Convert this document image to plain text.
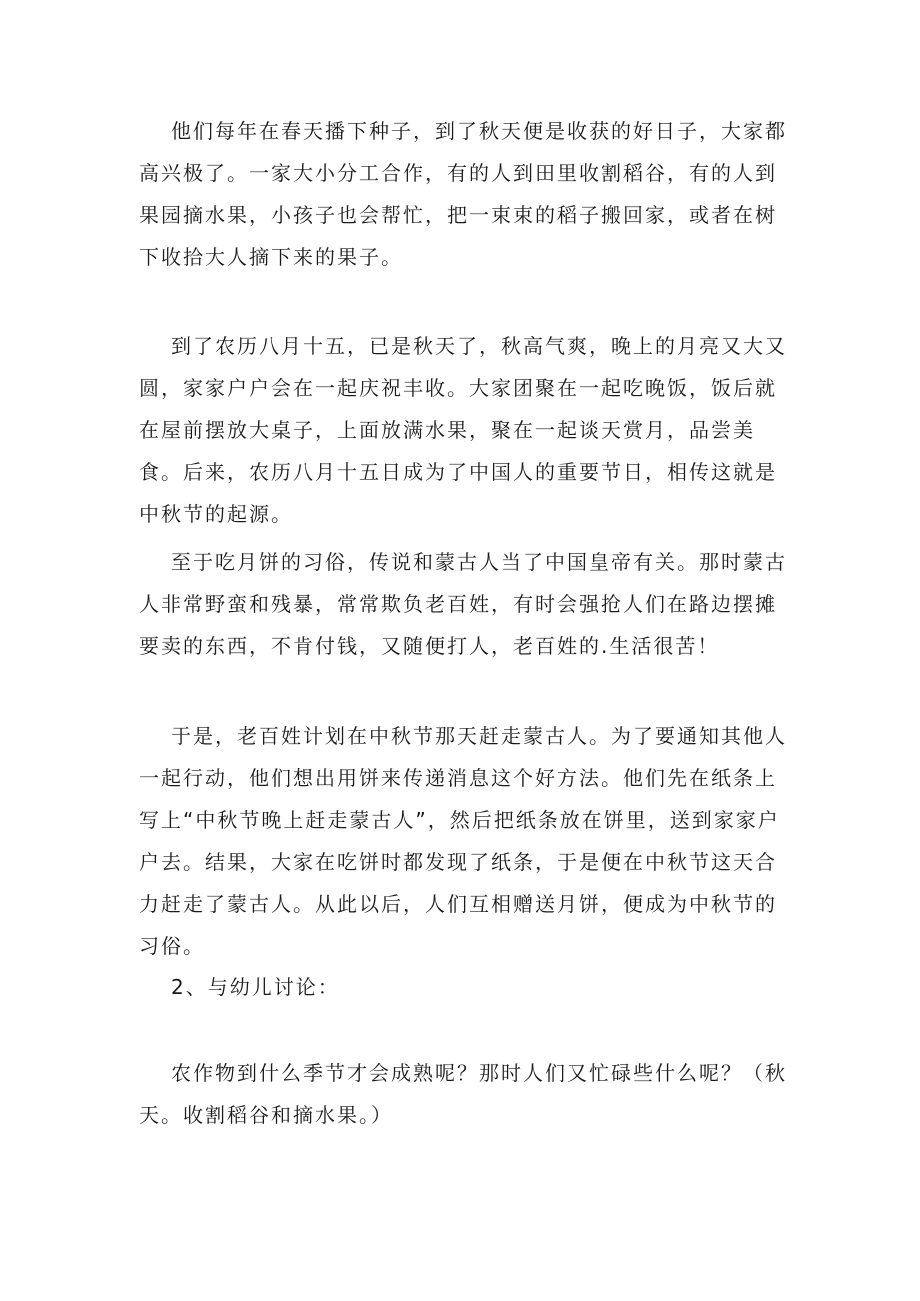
他们每年在春天播下种子，到了秋天便是收获的好日子，大家都高兴极了。一家大小分工合作，有的人到田里收割稻谷，有的人到果园摘水果，小孩子也会帮忙，把一束束的稻子搬回家，或者在树下收拾大人摘下来的果子。

到了农历八月十五，已是秋天了，秋高气爽，晚上的月亮又大又圆，家家户户会在一起庆祝丰收。大家团聚在一起吃晚饭，饭后就在屋前摆放大桌子，上面放满水果，聚在一起谈天赏月，品尝美食。后来，农历八月十五日成为了中国人的重要节日，相传这就是中秋节的起源。

至于吃月饼的习俗，传说和蒙古人当了中国皇帝有关。那时蒙古人非常野蛮和残暴，常常欺负老百姓，有时会强抢人们在路边摆摊要卖的东西，不肯付钱，又随便打人，老百姓的.生活很苦！

于是，老百姓计划在中秋节那天赶走蒙古人。为了要通知其他人一起行动，他们想出用饼来传递消息这个好方法。他们先在纸条上写上“中秋节晚上赶走蒙古人”，然后把纸条放在饼里，送到家家户户去。结果，大家在吃饼时都发现了纸条，于是便在中秋节这天合力赶走了蒙古人。从此以后，人们互相赠送月饼，便成为中秋节的习俗。

2、与幼儿讨论：

农作物到什么季节才会成熟呢？那时人们又忙碌些什么呢？（秋天。收割稻谷和摘水果。）
